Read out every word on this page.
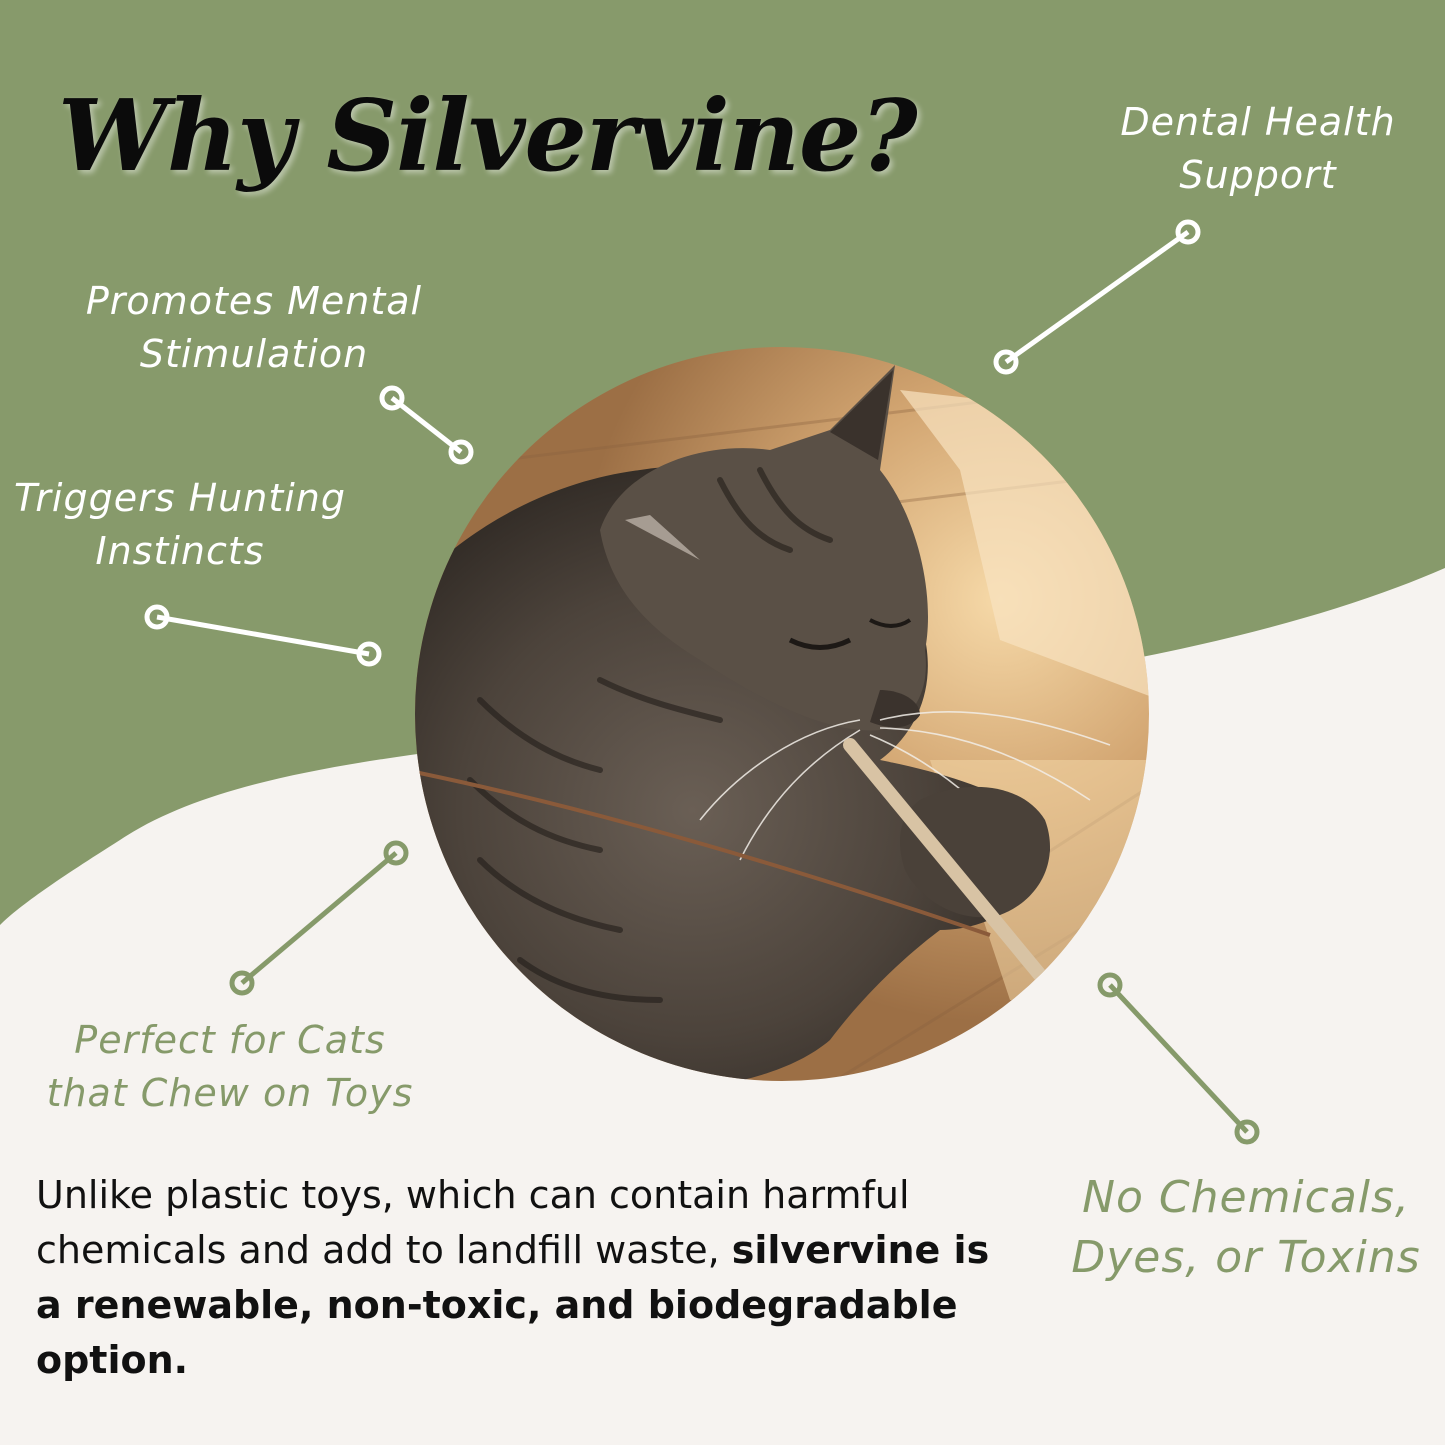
Why Silvervine?	Dental Health
Support

Promotes Mental
Stimulation

Triggers Hunting
Instincts

Perfect for Cats
that Chew on Toys

No Chemicals,
Dyes, or Toxins

Unlike plastic toys, which can contain harmful chemicals and add to landfill waste, silvervine is a renewable, non-toxic, and biodegradable option.
